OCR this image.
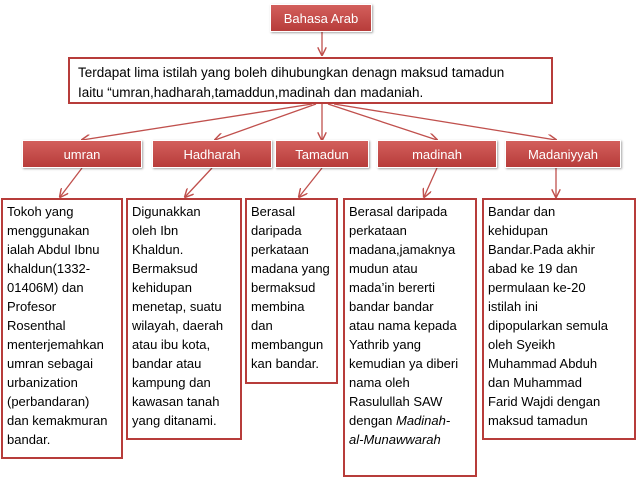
Bahasa Arab
Terdapat lima istilah yang boleh dihubungkan denagn maksud tamadun
Iaitu “umran,hadharah,tamaddun,madinah dan madaniah.
umran	Hadharah	Tamadun	madinah	Madaniyyah
Tokoh yang
menggunakan
ialah Abdul Ibnu
khaldun(1332-
01406M) dan
Profesor
Rosenthal
menterjemahkan
umran sebagai
urbanization
(perbandaran)
dan kemakmuran
bandar.
Digunakkan
oleh Ibn
Khaldun.
Bermaksud
kehidupan
menetap, suatu
wilayah, daerah
atau ibu kota,
bandar atau
kampung dan
kawasan tanah
yang ditanami.
Berasal
daripada
perkataan
madana yang
bermaksud
membina
dan
membangun
kan bandar.
Berasal daripada
perkataan
madana,jamaknya
mudun atau
mada’in bererti
bandar bandar
atau nama kepada
Yathrib yang
kemudian ya diberi
nama oleh
Rasulullah SAW
dengan Madinah-
al-Munawwarah
Bandar dan
kehidupan
Bandar.Pada akhir
abad ke 19 dan
permulaan ke-20
istilah ini
dipopularkan semula
oleh Syeikh
Muhammad Abduh
dan Muhammad
Farid Wajdi dengan
maksud tamadun
